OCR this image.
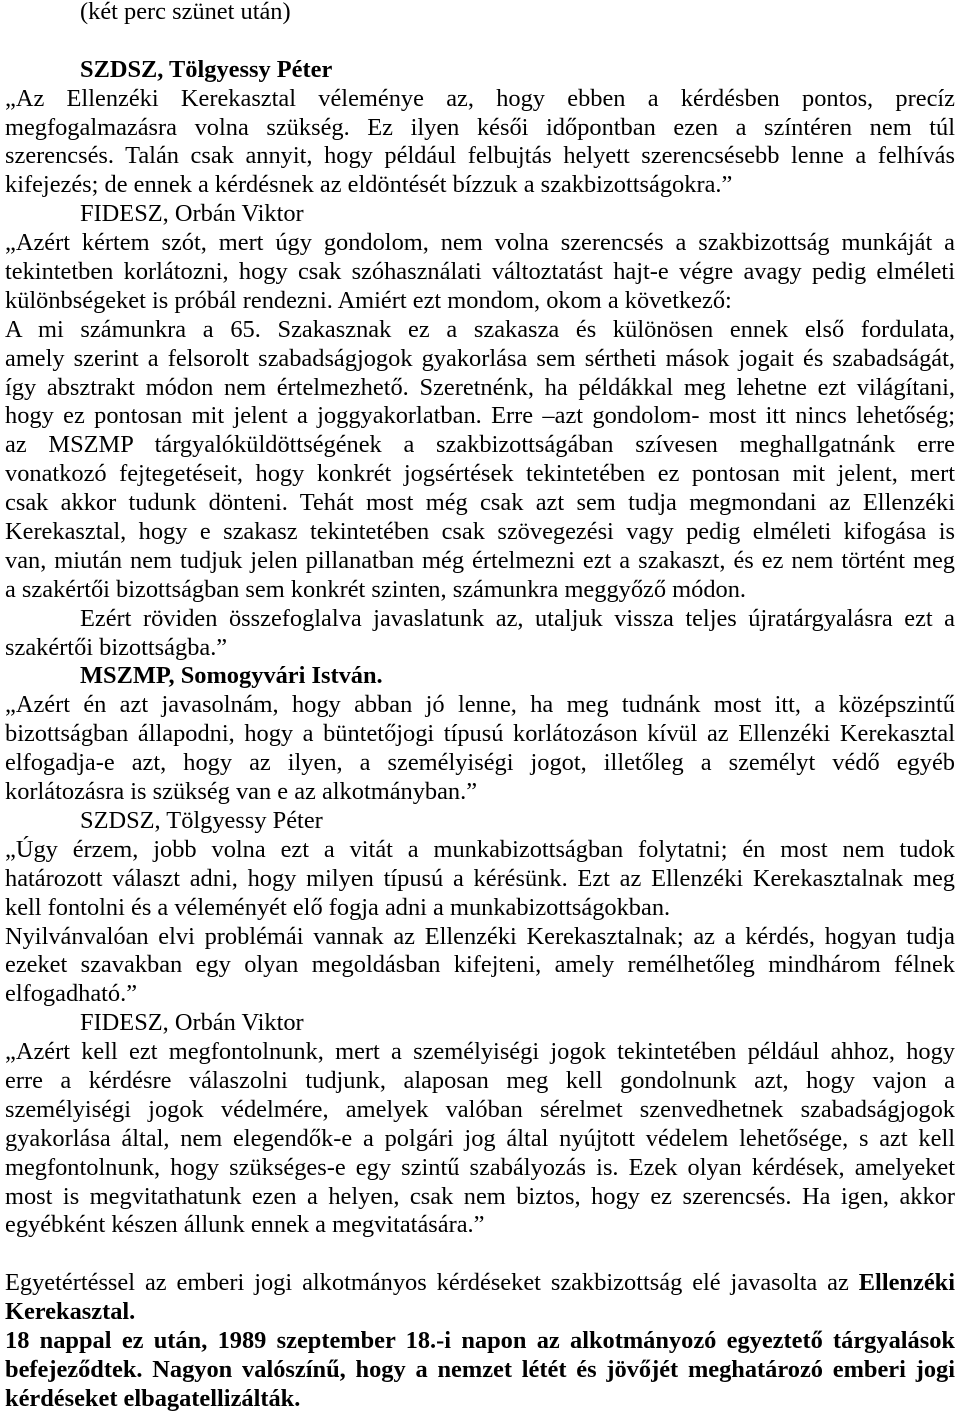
(két perc szünet után)
SZDSZ, Tölgyessy Péter
„Az Ellenzéki Kerekasztal véleménye az, hogy ebben a kérdésben pontos, precíz
megfogalmazásra volna szükség. Ez ilyen késői időpontban ezen a színtéren nem túl
szerencsés. Talán csak annyit, hogy például felbujtás helyett szerencsésebb lenne a felhívás
kifejezés; de ennek a kérdésnek az eldöntését bízzuk a szakbizottságokra.”
FIDESZ, Orbán Viktor
„Azért kértem szót, mert úgy gondolom, nem volna szerencsés a szakbizottság munkáját a
tekintetben korlátozni, hogy csak szóhasználati változtatást hajt-e végre avagy pedig elméleti
különbségeket is próbál rendezni. Amiért ezt mondom, okom a következő:
A mi számunkra a 65. Szakasznak ez a szakasza és különösen ennek első fordulata,
amely szerint a felsorolt szabadságjogok gyakorlása sem sértheti mások jogait és szabadságát,
így absztrakt módon nem értelmezhető. Szeretnénk, ha példákkal meg lehetne ezt világítani,
hogy ez pontosan mit jelent a joggyakorlatban. Erre –azt gondolom- most itt nincs lehetőség;
az MSZMP tárgyalóküldöttségének a szakbizottságában szívesen meghallgatnánk erre
vonatkozó fejtegetéseit, hogy konkrét jogsértések tekintetében ez pontosan mit jelent, mert
csak akkor tudunk dönteni. Tehát most még csak azt sem tudja megmondani az Ellenzéki
Kerekasztal, hogy e szakasz tekintetében csak szövegezési vagy pedig elméleti kifogása is
van, miután nem tudjuk jelen pillanatban még értelmezni ezt a szakaszt, és ez nem történt meg
a szakértői bizottságban sem konkrét szinten, számunkra meggyőző módon.
Ezért röviden összefoglalva javaslatunk az, utaljuk vissza teljes újratárgyalásra ezt a
szakértői bizottságba.”
MSZMP, Somogyvári István.
„Azért én azt javasolnám, hogy abban jó lenne, ha meg tudnánk most itt, a középszintű
bizottságban állapodni, hogy a büntetőjogi típusú korlátozáson kívül az Ellenzéki Kerekasztal
elfogadja-e azt, hogy az ilyen, a személyiségi jogot, illetőleg a személyt védő egyéb
korlátozásra is szükség van e az alkotmányban.”
SZDSZ, Tölgyessy Péter
„Úgy érzem, jobb volna ezt a vitát a munkabizottságban folytatni; én most nem tudok
határozott választ adni, hogy milyen típusú a kérésünk. Ezt az Ellenzéki Kerekasztalnak meg
kell fontolni és a véleményét elő fogja adni a munkabizottságokban.
Nyilvánvalóan elvi problémái vannak az Ellenzéki Kerekasztalnak; az a kérdés, hogyan tudja
ezeket szavakban egy olyan megoldásban kifejteni, amely remélhetőleg mindhárom félnek
elfogadható.”
FIDESZ, Orbán Viktor
„Azért kell ezt megfontolnunk, mert a személyiségi jogok tekintetében például ahhoz, hogy
erre a kérdésre válaszolni tudjunk, alaposan meg kell gondolnunk azt, hogy vajon a
személyiségi jogok védelmére, amelyek valóban sérelmet szenvedhetnek szabadságjogok
gyakorlása által, nem elegendők-e a polgári jog által nyújtott védelem lehetősége, s azt kell
megfontolnunk, hogy szükséges-e egy szintű szabályozás is. Ezek olyan kérdések, amelyeket
most is megvitathatunk ezen a helyen, csak nem biztos, hogy ez szerencsés. Ha igen, akkor
egyébként készen állunk ennek a megvitatására.”
Egyetértéssel az emberi jogi alkotmányos kérdéseket szakbizottság elé javasolta az Ellenzéki
Kerekasztal.
18 nappal ez után, 1989 szeptember 18.-i napon az alkotmányozó egyeztető tárgyalások
befejeződtek. Nagyon valószínű, hogy a nemzet létét és jövőjét meghatározó emberi jogi
kérdéseket elbagatellizálták.
